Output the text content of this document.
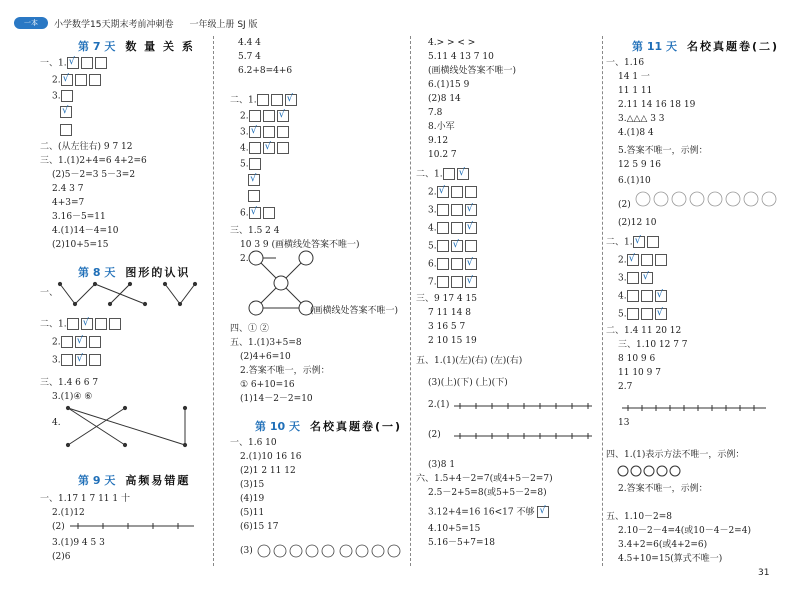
一本	小学数学15天期末考前冲刺卷 一年级上册 SJ 版
第 7 天 数 量 关 系
一、1.
√
2.
√
3.
√
二、(从左往右) 9 7 12
三、1.(1)2+4=6 4+2=6
(2)5－2=3 5－3=2
2.4 3 7
4+3=7
3.16－5=11
4.(1)14－4=10
(2)10+5=15
第 8 天 图形的认识
一、
二、1.
√
2.
√
3.
√
三、1.4 6 6 7
3.(1)④ ⑥
4.
第 9 天 高频易错题
一、1.17 1 7 11 1 十
2.(1)12
(2)
3.(1)9 4 5 3
(2)6
4.4 4
5.7 4
6.2+8=4+6
二、1.
√
2.
√
3.
√
4.
√
5.
√
6.
√
三、1.5 2 4
10 3 9 (画横线处答案不唯一)
2.
(画横线处答案不唯一)
四、① ②
五、1.(1)3+5=8
(2)4+6=10
2.答案不唯一，示例：
① 6+10=16
(1)14－2－2=10
第 10 天 名校真题卷(一)
一、1.6 10
2.(1)10 16 16
(2)1 2 11 12
(3)15
(4)19
(5)11
(6)15 17
(3)
4.> > < >
5.11 4 13 7 10
(画横线处答案不唯一)
6.(1)15 9
(2)8 14
7.8
8.小军
9.12
10.2 7
二、1.
√
2.
√
3.
√
4.
√
5.
√
6.
√
7.
√
三、9 17 4 15
7 11 14 8
3 16 5 7
2 10 15 19
五、1.(1)(左)(右) (左)(右)
(3)(上)(下) (上)(下)
2.(1)
(2)
(3)8 1
六、1.5+4－2=7(或4+5－2=7)
2.5－2+5=8(或5+5－2=8)
3.12+4=16 16<17 不够
√
4.10+5=15
5.16－5+7=18
第 11 天 名校真题卷(二)
一、1.16
14 1 一
11 1 11
2.11 14 16 18 19
3.△△△ 3 3
4.(1)8 4
5.答案不唯一，示例：
12 5 9 16
6.(1)10
(2)
(2)12 10
二、1.
√
2.
√
3.
√
4.
√
5.
√
二、1.4 11 20 12
三、1.10 12 7 7
8 10 9 6
11 10 9 7
2.7
13
四、1.(1)表示方法不唯一，示例：
2.答案不唯一，示例：
五、1.10－2=8
2.10－2－4=4(或10－4－2=4)
3.4+2=6(或4+2=6)
4.5+10=15(算式不唯一)
31
